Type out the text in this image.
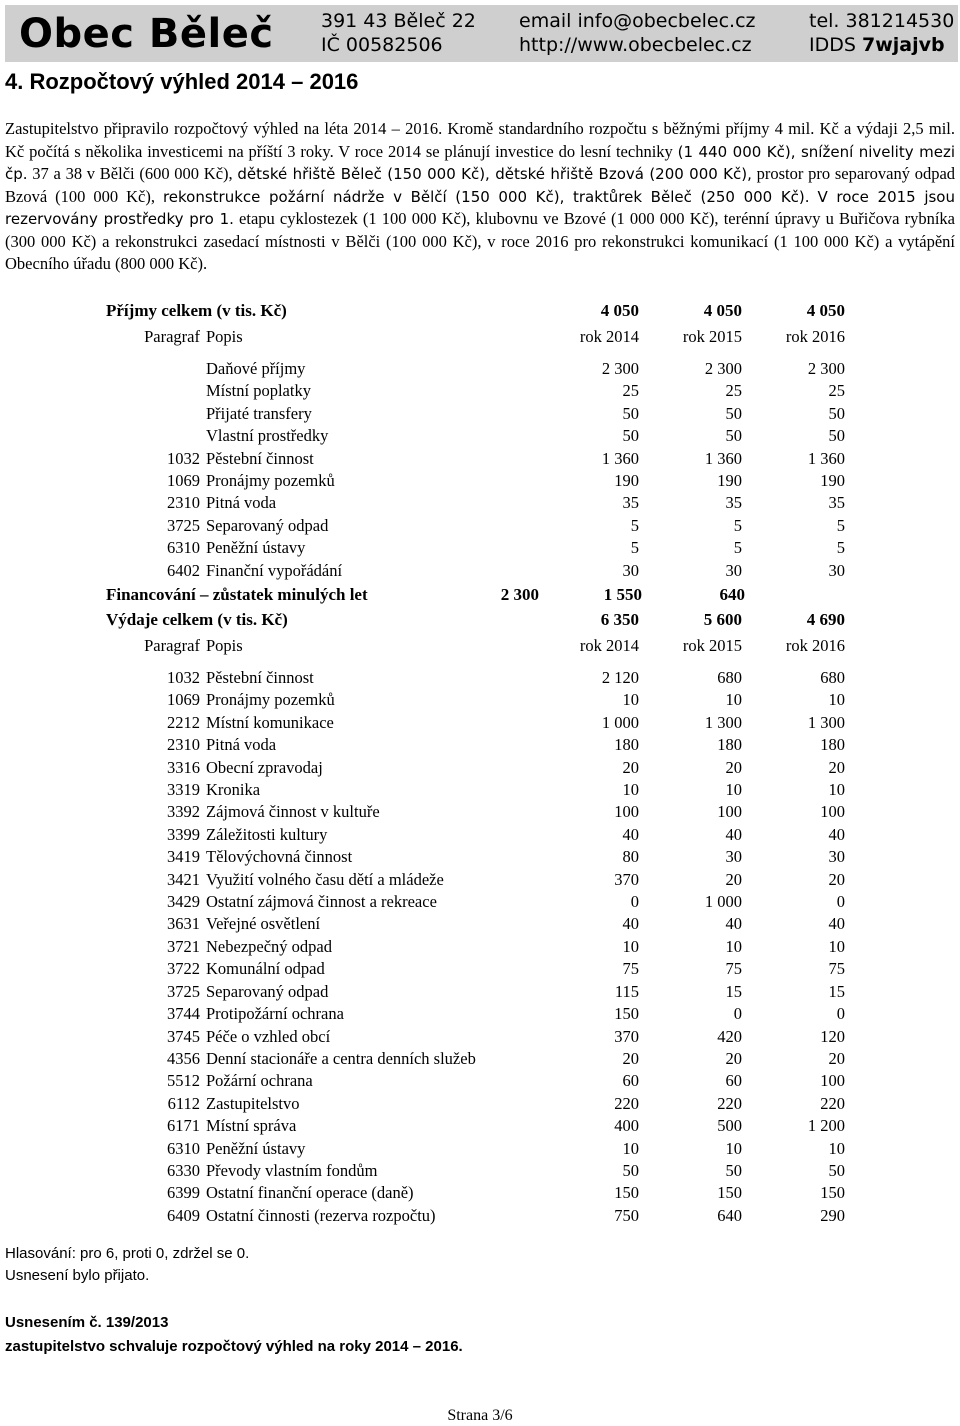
Obec Běleč 391 43 Běleč 22
IČ 00582506
email info@obecbelec.cz
http://www.obecbelec.cz
tel. 381214530
IDDS 7wjajvb
4. Rozpočtový výhled 2014 – 2016

Zastupitelstvo připravilo rozpočtový výhled na léta 2014 – 2016. Kromě standardního rozpočtu s běžnými příjmy 4 mil. Kč a výdaji 2,5 mil. Kč počítá s několika investicemi na příští 3 roky. V roce 2014 se plánují investice do lesní techniky (1 440 000 Kč), snížení nivelity mezi čp. 37 a 38 v Bělči (600 000 Kč), dětské hřiště Běleč (150 000 Kč), dětské hřiště Bzová (200 000 Kč), prostor pro separovaný odpad Bzová (100 000 Kč), rekonstrukce požární nádrže v Bělčí (150 000 Kč), traktůrek Běleč (250 000 Kč). V roce 2015 jsou rezervovány prostředky pro 1. etapu cyklostezek (1 100 000 Kč), klubovnu ve Bzové (1 000 000 Kč), terénní úpravy u Buřičova rybníka (300 000 Kč) a rekonstrukci zasedací místnosti v Bělči (100 000 Kč), v roce 2016 pro rekonstrukci komunikací (1 100 000 Kč) a vytápění Obecního úřadu (800 000 Kč).

Příjmy celkem (v tis. Kč)		4 050	4 050	4 050
Paragraf	Popis	rok 2014	rok 2015	rok 2016

	Daňové příjmy	2 300	2 300	2 300
	Místní poplatky	25	25	25
	Přijaté transfery	50	50	50
	Vlastní prostředky	50	50	50
1032	Pěstební činnost	1 360	1 360	1 360
1069	Pronájmy pozemků	190	190	190
2310	Pitná voda	35	35	35
3725	Separovaný odpad	5	5	5
6310	Peněžní ústavy	5	5	5
6402	Finanční vypořádání	30	30	30
Financování – zůstatek minulých let	2 300	1 550	640
Výdaje celkem (v tis. Kč)		6 350	5 600	4 690
Paragraf	Popis	rok 2014	rok 2015	rok 2016

1032	Pěstební činnost	2 120	680	680
1069	Pronájmy pozemků	10	10	10
2212	Místní komunikace	1 000	1 300	1 300
2310	Pitná voda	180	180	180
3316	Obecní zpravodaj	20	20	20
3319	Kronika	10	10	10
3392	Zájmová činnost v kultuře	100	100	100
3399	Záležitosti kultury	40	40	40
3419	Tělovýchovná činnost	80	30	30
3421	Využití volného času dětí a mládeže	370	20	20
3429	Ostatní zájmová činnost a rekreace	0	1 000	0
3631	Veřejné osvětlení	40	40	40
3721	Nebezpečný odpad	10	10	10
3722	Komunální odpad	75	75	75
3725	Separovaný odpad	115	15	15
3744	Protipožární ochrana	150	0	0
3745	Péče o vzhled obcí	370	420	120
4356	Denní stacionáře a centra denních služeb	20	20	20
5512	Požární ochrana	60	60	100
6112	Zastupitelstvo	220	220	220
6171	Místní správa	400	500	1 200
6310	Peněžní ústavy	10	10	10
6330	Převody vlastním fondům	50	50	50
6399	Ostatní finanční operace (daně)	150	150	150
6409	Ostatní činnosti (rezerva rozpočtu)	750	640	290
Hlasování: pro 6, proti 0, zdržel se 0.
Usnesení bylo přijato.
Usnesením č. 139/2013
zastupitelstvo schvaluje rozpočtový výhled na roky 2014 – 2016.
Strana 3/6
